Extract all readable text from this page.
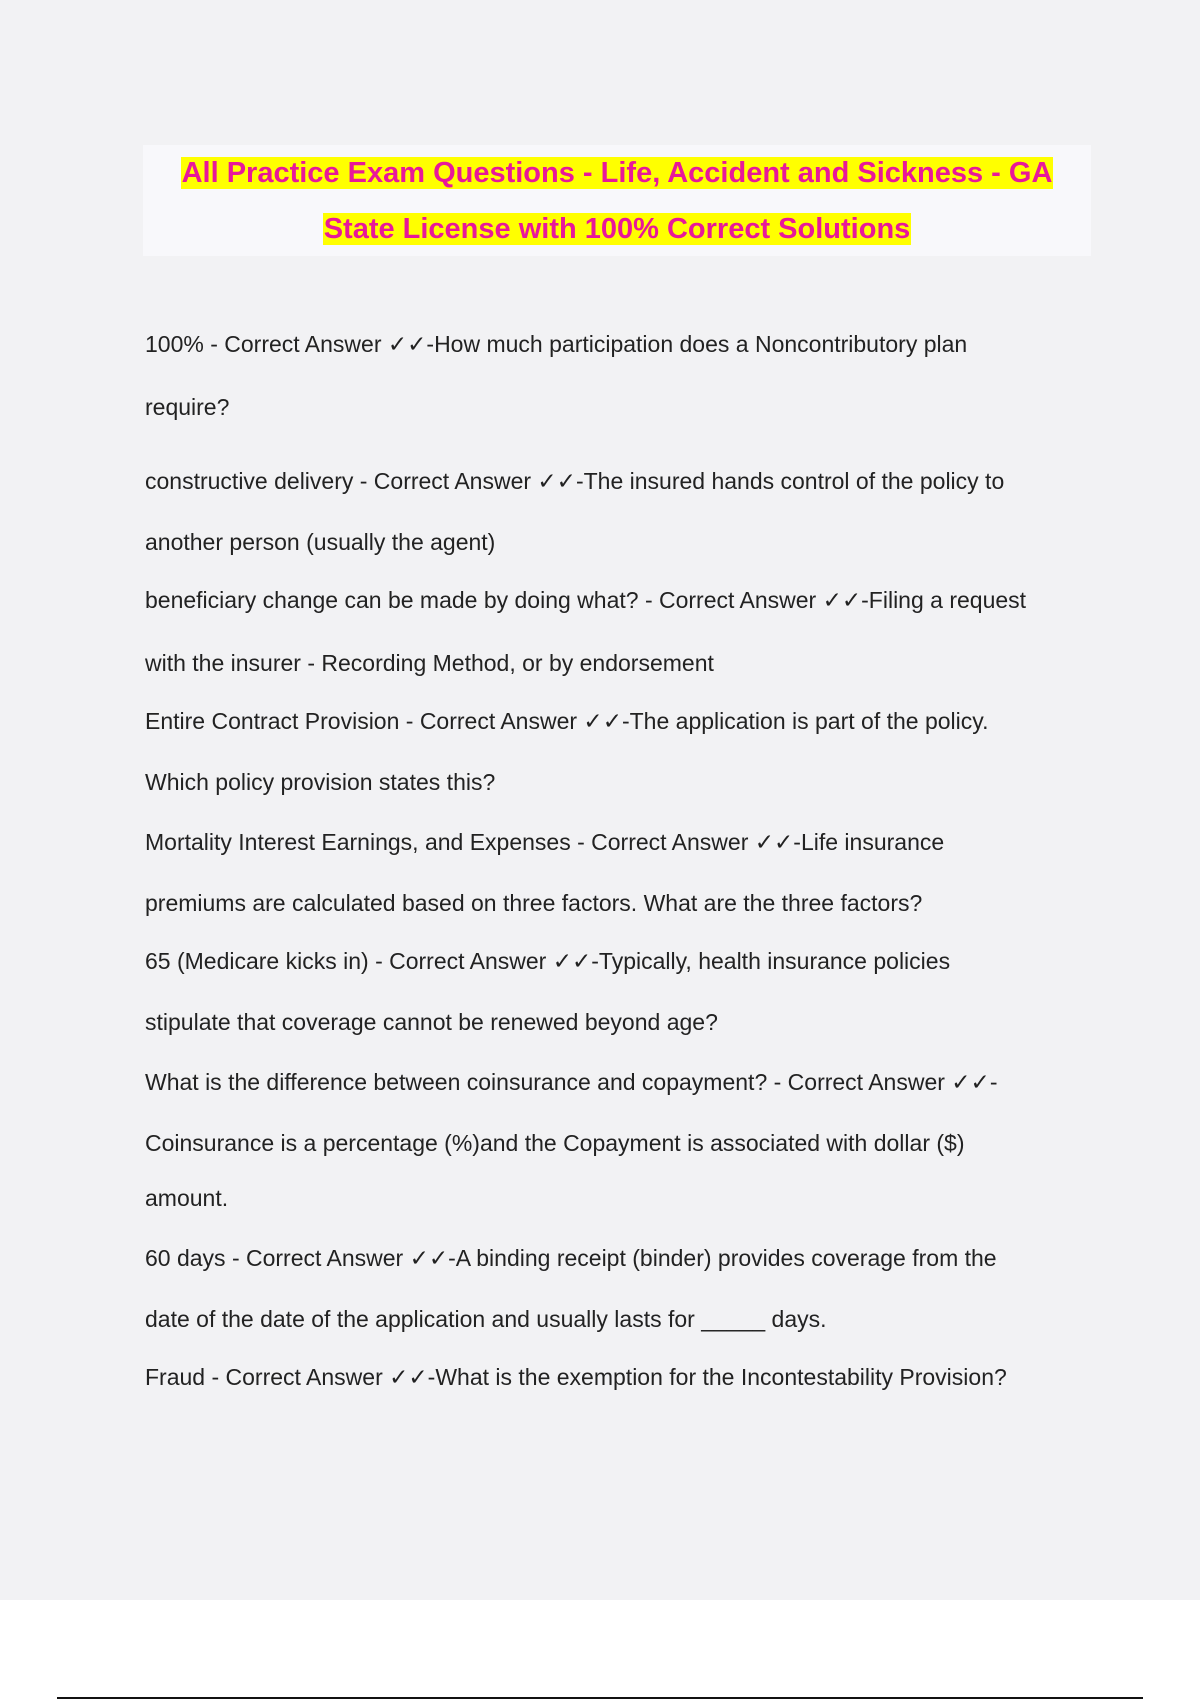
All Practice Exam Questions - Life, Accident and Sickness - GA

State License with 100% Correct Solutions

100% - Correct Answer ✓✓-How much participation does a Noncontributory plan

require?

constructive delivery - Correct Answer ✓✓-The insured hands control of the policy to

another person (usually the agent)

beneficiary change can be made by doing what? - Correct Answer ✓✓-Filing a request

with the insurer - Recording Method, or by endorsement

Entire Contract Provision - Correct Answer ✓✓-The application is part of the policy.

Which policy provision states this?

Mortality Interest Earnings, and Expenses - Correct Answer ✓✓-Life insurance

premiums are calculated based on three factors. What are the three factors?

65 (Medicare kicks in) - Correct Answer ✓✓-Typically, health insurance policies

stipulate that coverage cannot be renewed beyond age?

What is the difference between coinsurance and copayment? - Correct Answer ✓✓-

Coinsurance is a percentage (%)and the Copayment is associated with dollar ($)

amount.

60 days - Correct Answer ✓✓-A binding receipt (binder) provides coverage from the

date of the date of the application and usually lasts for _____ days.

Fraud - Correct Answer ✓✓-What is the exemption for the Incontestability Provision?
